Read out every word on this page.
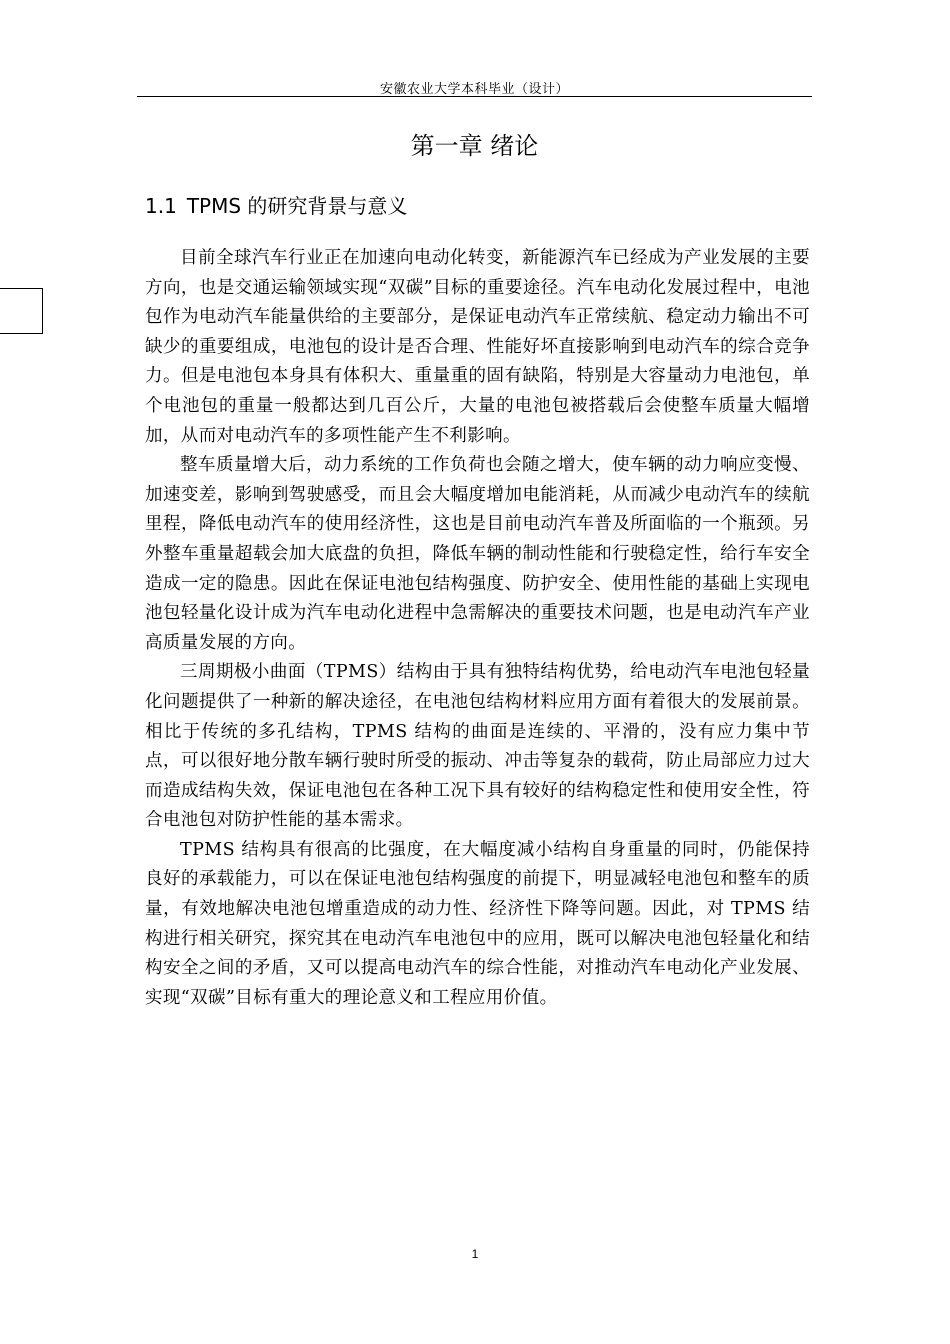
安徽农业大学本科毕业（设计）
第一章 绪论
1.1 TPMS 的研究背景与意义

目前全球汽车行业正在加速向电动化转变，新能源汽车已经成为产业发展的主要方向，也是交通运输领域实现“双碳”目标的重要途径。汽车电动化发展过程中，电池包作为电动汽车能量供给的主要部分，是保证电动汽车正常续航、稳定动力输出不可缺少的重要组成，电池包的设计是否合理、性能好坏直接影响到电动汽车的综合竞争力。但是电池包本身具有体积大、重量重的固有缺陷，特别是大容量动力电池包，单个电池包的重量一般都达到几百公斤，大量的电池包被搭载后会使整车质量大幅增加，从而对电动汽车的多项性能产生不利影响。

整车质量增大后，动力系统的工作负荷也会随之增大，使车辆的动力响应变慢、加速变差，影响到驾驶感受，而且会大幅度增加电能消耗，从而减少电动汽车的续航里程，降低电动汽车的使用经济性，这也是目前电动汽车普及所面临的一个瓶颈。另外整车重量超载会加大底盘的负担，降低车辆的制动性能和行驶稳定性，给行车安全造成一定的隐患。因此在保证电池包结构强度、防护安全、使用性能的基础上实现电池包轻量化设计成为汽车电动化进程中急需解决的重要技术问题，也是电动汽车产业高质量发展的方向。

三周期极小曲面（TPMS）结构由于具有独特结构优势，给电动汽车电池包轻量化问题提供了一种新的解决途径，在电池包结构材料应用方面有着很大的发展前景。相比于传统的多孔结构，TPMS 结构的曲面是连续的、平滑的，没有应力集中节点，可以很好地分散车辆行驶时所受的振动、冲击等复杂的载荷，防止局部应力过大而造成结构失效，保证电池包在各种工况下具有较好的结构稳定性和使用安全性，符合电池包对防护性能的基本需求。

TPMS 结构具有很高的比强度，在大幅度减小结构自身重量的同时，仍能保持良好的承载能力，可以在保证电池包结构强度的前提下，明显减轻电池包和整车的质量，有效地解决电池包增重造成的动力性、经济性下降等问题。因此，对 TPMS 结构进行相关研究，探究其在电动汽车电池包中的应用，既可以解决电池包轻量化和结构安全之间的矛盾，又可以提高电动汽车的综合性能，对推动汽车电动化产业发展、实现“双碳”目标有重大的理论意义和工程应用价值。

1
